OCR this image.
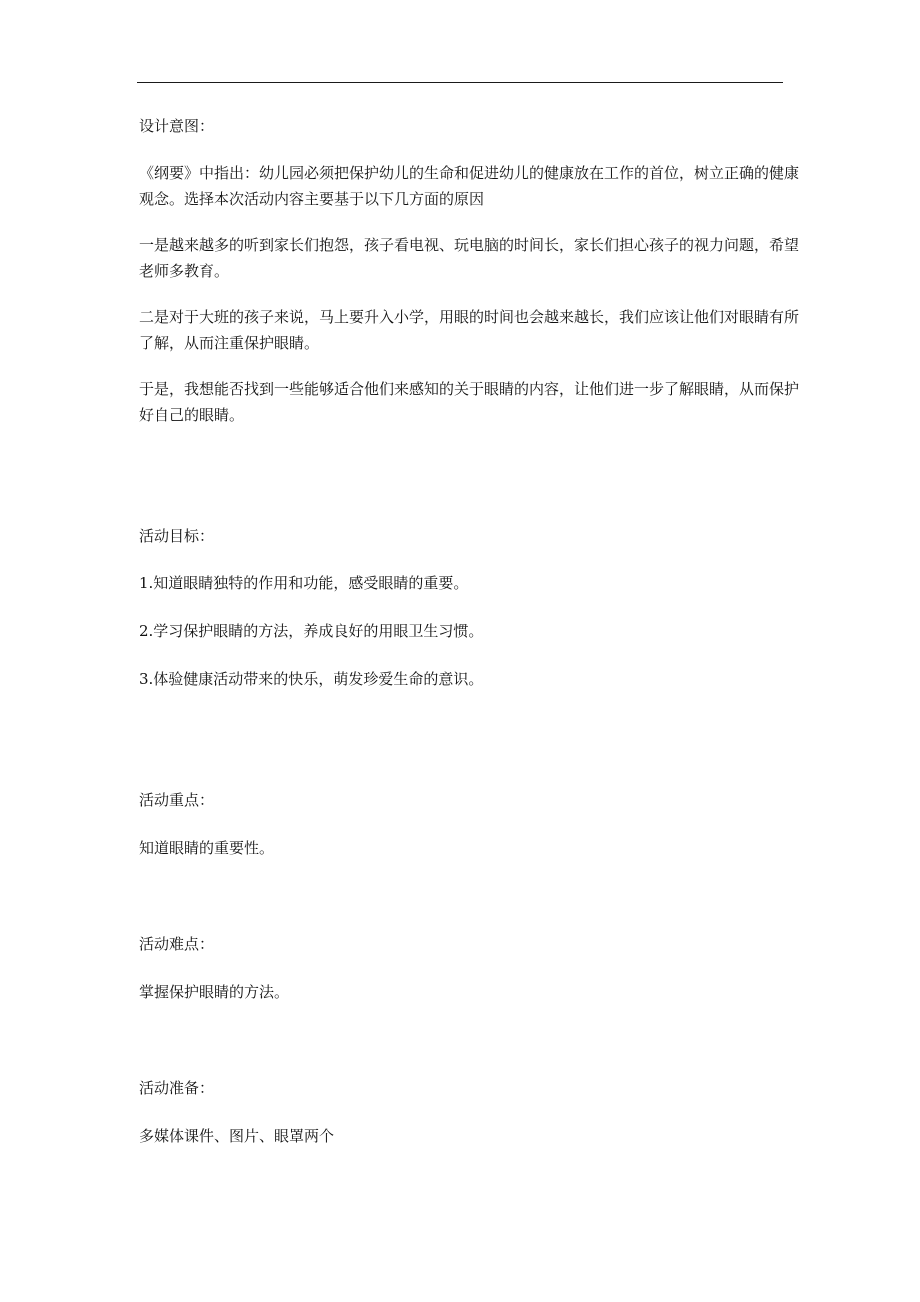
设计意图：

《纲要》中指出：幼儿园必须把保护幼儿的生命和促进幼儿的健康放在工作的首位，树立正确的健康观念。选择本次活动内容主要基于以下几方面的原因

一是越来越多的听到家长们抱怨，孩子看电视、玩电脑的时间长，家长们担心孩子的视力问题，希望老师多教育。

二是对于大班的孩子来说，马上要升入小学，用眼的时间也会越来越长，我们应该让他们对眼睛有所了解，从而注重保护眼睛。

于是，我想能否找到一些能够适合他们来感知的关于眼睛的内容，让他们进一步了解眼睛，从而保护好自己的眼睛。

活动目标：

1.知道眼睛独特的作用和功能，感受眼睛的重要。

2.学习保护眼睛的方法，养成良好的用眼卫生习惯。

3.体验健康活动带来的快乐，萌发珍爱生命的意识。

活动重点：

知道眼睛的重要性。

活动难点：

掌握保护眼睛的方法。

活动准备：

多媒体课件、图片、眼罩两个
